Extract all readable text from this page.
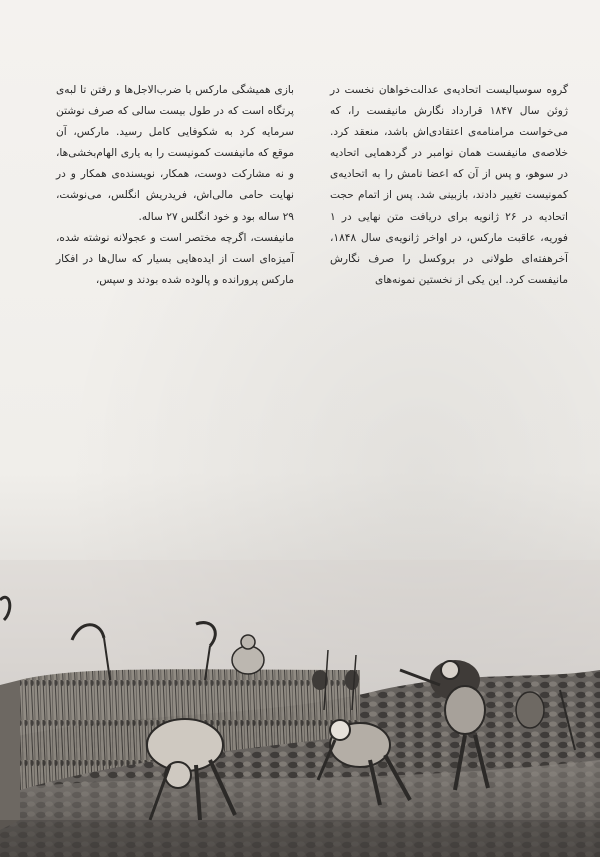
گروه سوسیالیست اتحادیه‌ی عدالت‌خواهان نخست در ژوئن سال ۱۸۴۷ قرارداد نگارش مانیفست را، که می‌خواست مرامنامه‌ی اعتقادی‌اش باشد، منعقد کرد. خلاصه‌ی مانیفست همان نوامبر در گردهمایی اتحادیه در سوهو، و پس از آن که اعضا نامش را به اتحادیه‌ی کمونیست تغییر دادند، بازبینی شد. پس از اتمام حجت اتحادیه در ۲۶ ژانویه برای دریافت متن نهایی در ۱ فوریه، عاقبت مارکس، در اواخر ژانویه‌ی سال ۱۸۴۸، آخرهفته‌ای طولانی در بروکسل را صرف نگارش مانیفست کرد. این یکی از نخستین نمونه‌های

بازی همیشگی مارکس با ضرب‌الاجل‌ها و رفتن تا لبه‌ی پرتگاه است که در طول بیست سالی که صرف نوشتن سرمایه کرد به شکوفایی کامل رسید. مارکس، آن موقع که مانیفست کمونیست را به یاری الهام‌بخشی‌ها، و نه مشارکت دوست، همکار، نویسنده‌ی همکار و در نهایت حامی مالی‌اش، فریدریش انگلس، می‌نوشت، ۲۹ ساله بود و خود انگلس ۲۷ ساله.

مانیفست، اگرچه مختصر است و عجولانه نوشته شده، آمیزه‌ای است از ایده‌هایی بسیار که سال‌ها در افکار مارکس پرورانده و پالوده شده بودند و سپس،
